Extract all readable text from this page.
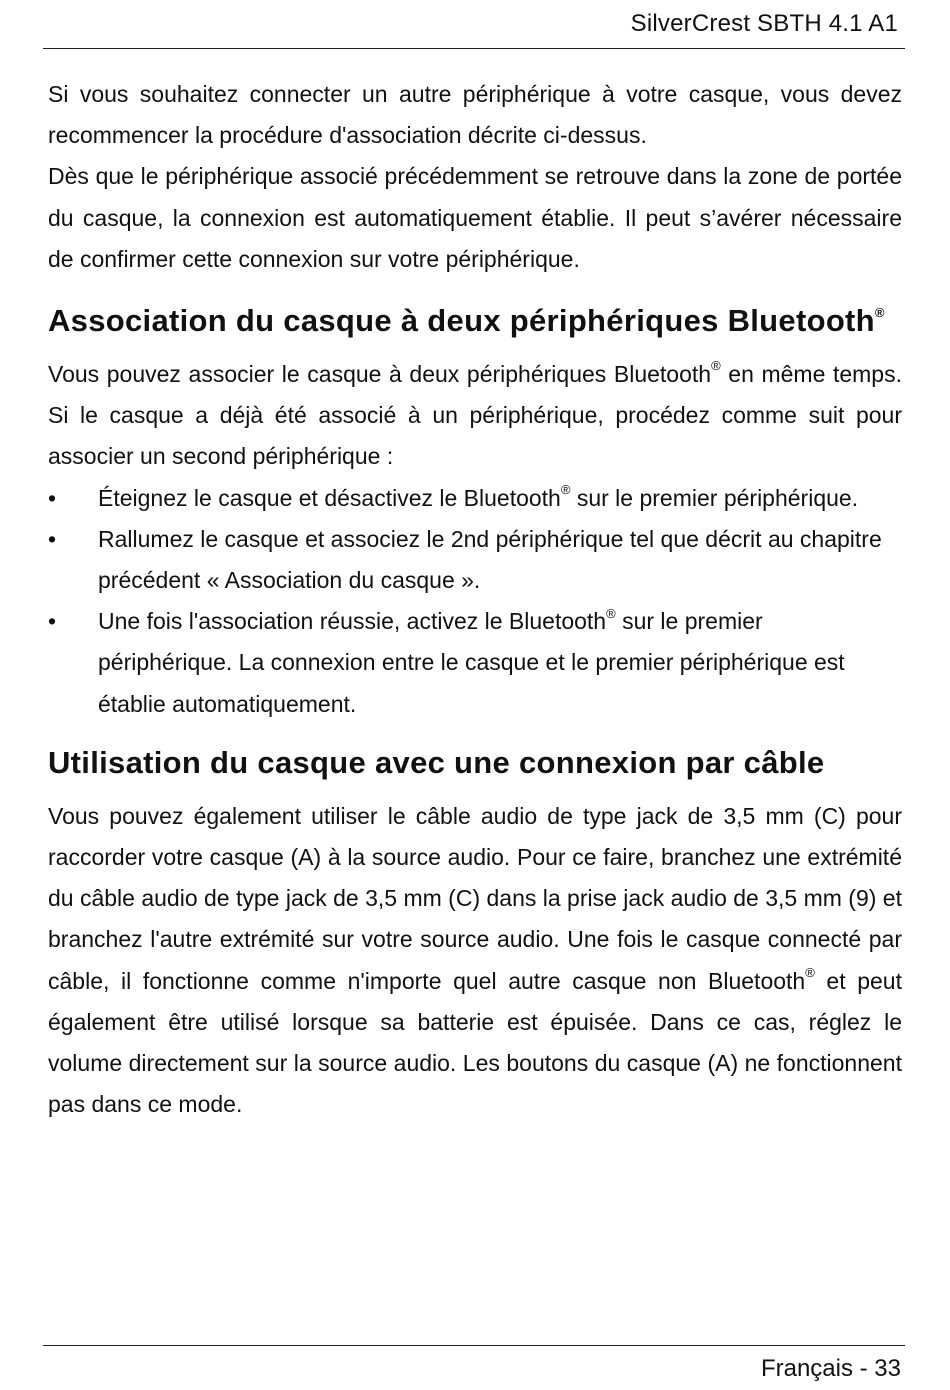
SilverCrest SBTH 4.1 A1

Si vous souhaitez connecter un autre périphérique à votre casque, vous devez recommencer la procédure d'association décrite ci-dessus.

Dès que le périphérique associé précédemment se retrouve dans la zone de portée du casque, la connexion est automatiquement établie. Il peut s’avérer nécessaire de confirmer cette connexion sur votre périphérique.

Association du casque à deux périphériques Bluetooth®

Vous pouvez associer le casque à deux périphériques Bluetooth® en même temps. Si le casque a déjà été associé à un périphérique, procédez comme suit pour associer un second périphérique :

•	Éteignez le casque et désactivez le Bluetooth® sur le premier périphérique.
•	Rallumez le casque et associez le 2nd périphérique tel que décrit au chapitre précédent « Association du casque ».
•	Une fois l'association réussie, activez le Bluetooth® sur le premier périphérique. La connexion entre le casque et le premier périphérique est établie automatiquement.
Utilisation du casque avec une connexion par câble

Vous pouvez également utiliser le câble audio de type jack de 3,5 mm (C) pour raccorder votre casque (A) à la source audio. Pour ce faire, branchez une extrémité du câble audio de type jack de 3,5 mm (C) dans la prise jack audio de 3,5 mm (9) et branchez l'autre extrémité sur votre source audio. Une fois le casque connecté par câble, il fonctionne comme n'importe quel autre casque non Bluetooth® et peut également être utilisé lorsque sa batterie est épuisée. Dans ce cas, réglez le volume directement sur la source audio. Les boutons du casque (A) ne fonctionnent pas dans ce mode.

Français - 33
